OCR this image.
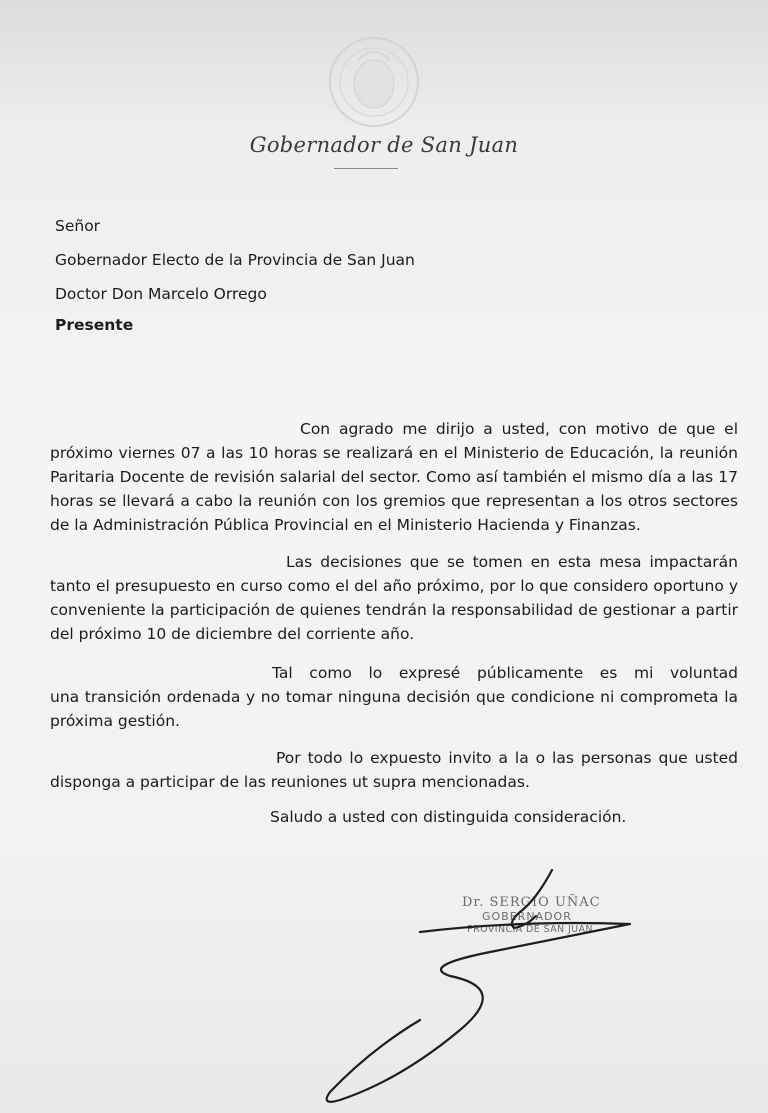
Gobernador de San Juan
Señor
Gobernador Electo de la Provincia de San Juan
Doctor Don Marcelo Orrego
Presente
Con agrado me dirijo a usted, con motivo de que el
próximo viernes 07 a las 10 horas se realizará en el Ministerio de Educación, la reunión
Paritaria Docente de revisión salarial del sector. Como así también el mismo día a las 17
horas se llevará a cabo la reunión con los gremios que representan a los otros sectores
de la Administración Pública Provincial en el Ministerio Hacienda y Finanzas.
Las decisiones que se tomen en esta mesa impactarán
tanto el presupuesto en curso como el del año próximo, por lo que considero oportuno y
conveniente la participación de quienes tendrán la responsabilidad de gestionar a partir
del próximo 10 de diciembre del corriente año.
Tal como lo expresé públicamente es mi voluntad
una transición ordenada y no tomar ninguna decisión que condicione ni comprometa la
próxima gestión.
Por todo lo expuesto invito a la o las personas que usted
disponga a participar de las reuniones ut supra mencionadas.
Saludo a usted con distinguida consideración.
Dr. SERGIO UÑAC
GOBERNADOR
PROVINCIA DE SAN JUAN
